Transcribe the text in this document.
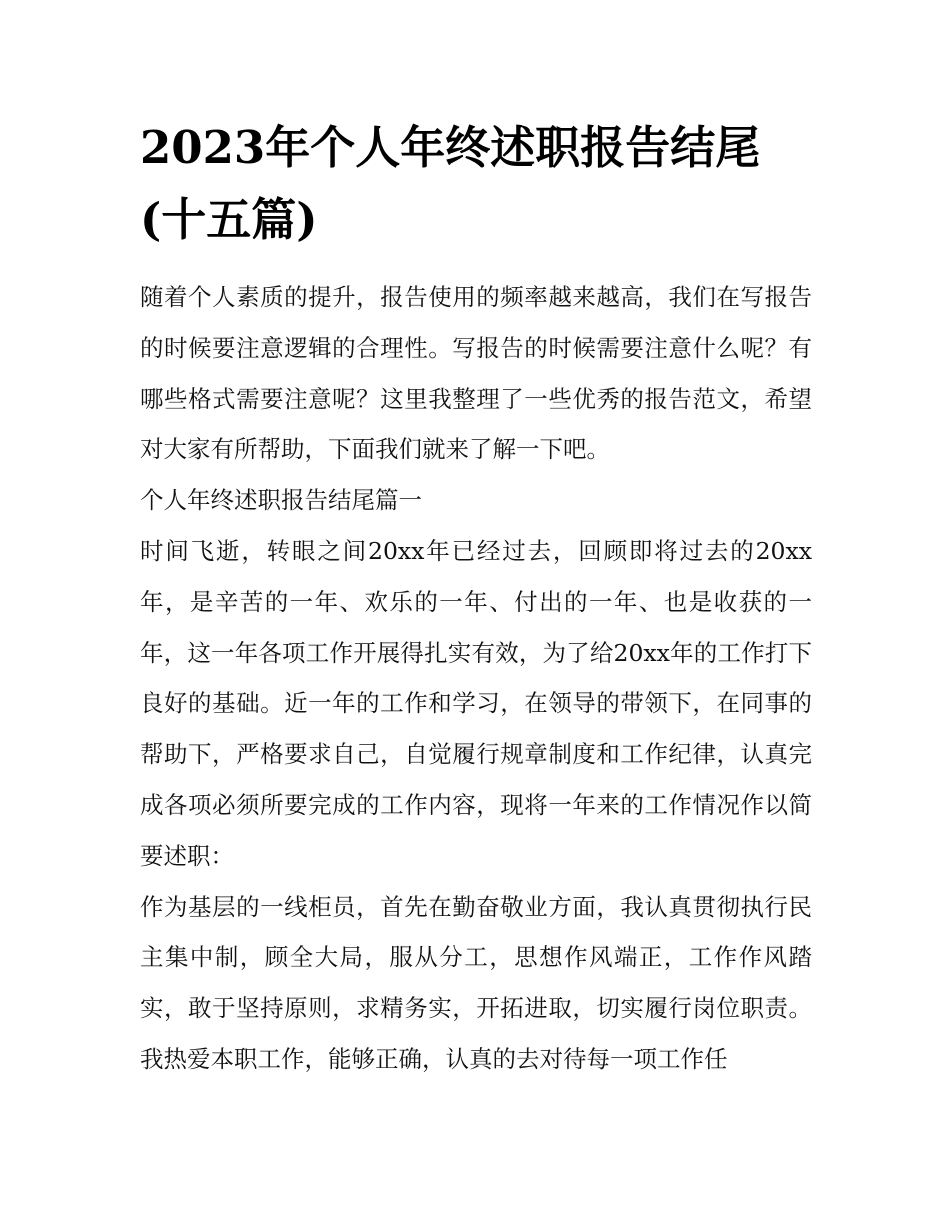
2023年个人年终述职报告结尾(十五篇)

随着个人素质的提升，报告使用的频率越来越高，我们在写报告的时候要注意逻辑的合理性。写报告的时候需要注意什么呢？有哪些格式需要注意呢？这里我整理了一些优秀的报告范文，希望对大家有所帮助，下面我们就来了解一下吧。

个人年终述职报告结尾篇一

时间飞逝，转眼之间20xx年已经过去，回顾即将过去的20xx年，是辛苦的一年、欢乐的一年、付出的一年、也是收获的一年，这一年各项工作开展得扎实有效，为了给20xx年的工作打下良好的基础。近一年的工作和学习，在领导的带领下，在同事的帮助下，严格要求自己，自觉履行规章制度和工作纪律，认真完成各项必须所要完成的工作内容，现将一年来的工作情况作以简要述职：

作为基层的一线柜员，首先在勤奋敬业方面，我认真贯彻执行民主集中制，顾全大局，服从分工，思想作风端正，工作作风踏实，敢于坚持原则，求精务实，开拓进取，切实履行岗位职责。我热爱本职工作，能够正确，认真的去对待每一项工作任
